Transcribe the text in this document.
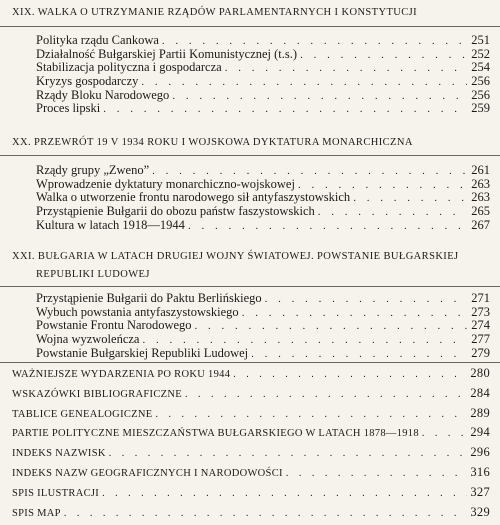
XIX. WALKA O UTRZYMANIE RZĄDÓW PARLAMENTARNYCH I KONSTYTUCJI
Polityka rządu Cankowa . . .	251
Działalność Bułgarskiej Partii Komunistycznej (t.s.) . . .	252
Stabilizacja polityczna i gospodarcza . . .	254
Kryzys gospodarczy . . .	256
Rządy Bloku Narodowego . . .	256
Proces lipski . . .	259
XX. PRZEWRÓT 19 V 1934 ROKU I WOJSKOWA DYKTATURA MONARCHICZNA
Rządy grupy „Zweno” . . .	261
Wprowadzenie dyktatury monarchiczno-wojskowej . . .	263
Walka o utworzenie frontu narodowego sił antyfaszystowskich . . .	263
Przystąpienie Bułgarii do obozu państw faszystowskich . . .	265
Kultura w latach 1918—1944 . . .	267
XXI. BUŁGARIA W LATACH DRUGIEJ WOJNY ŚWIATOWEJ. POWSTANIE BUŁGARSKIEJ
REPUBLIKI LUDOWEJ
Przystąpienie Bułgarii do Paktu Berlińskiego . . .	271
Wybuch powstania antyfaszystowskiego . . .	273
Powstanie Frontu Narodowego . . .	274
Wojna wyzwoleńcza . . .	277
Powstanie Bułgarskiej Republiki Ludowej . . .	279
WAŻNIEJSZE WYDARZENIA PO ROKU 1944 . . .	280
WSKAZÓWKI BIBLIOGRAFICZNE . . .	284
TABLICE GENEALOGICZNE . . .	289
PARTIE POLITYCZNE MIESZCZAŃSTWA BUŁGARSKIEGO W LATACH 1878—1918 . . .	294
INDEKS NAZWISK . . .	296
INDEKS NAZW GEOGRAFICZNYCH I NARODOWOŚCI . . .	316
SPIS ILUSTRACJI . . .	327
SPIS MAP . . .	329
